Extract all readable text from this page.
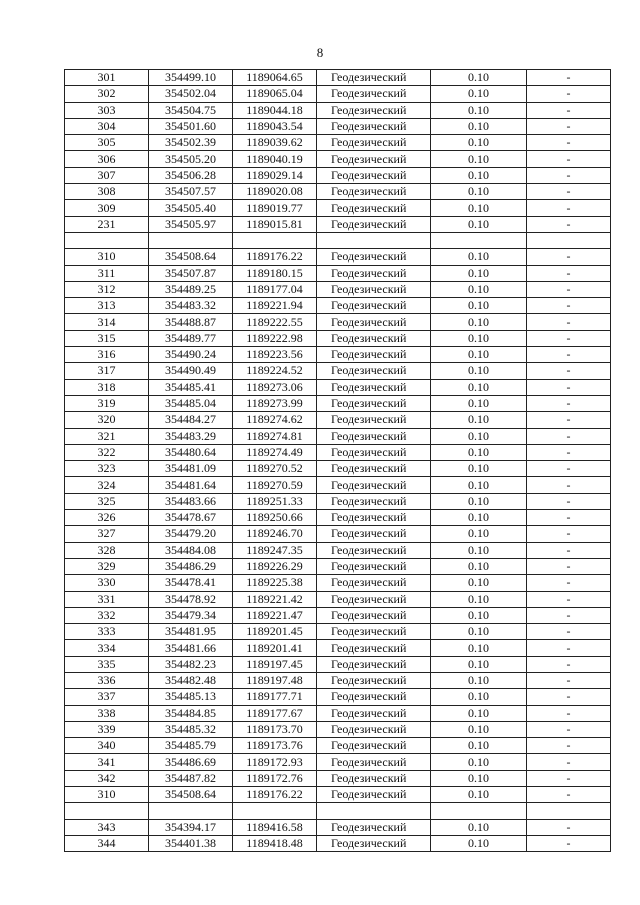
8
301	354499.10	1189064.65	Геодезический	0.10	-
302	354502.04	1189065.04	Геодезический	0.10	-
303	354504.75	1189044.18	Геодезический	0.10	-
304	354501.60	1189043.54	Геодезический	0.10	-
305	354502.39	1189039.62	Геодезический	0.10	-
306	354505.20	1189040.19	Геодезический	0.10	-
307	354506.28	1189029.14	Геодезический	0.10	-
308	354507.57	1189020.08	Геодезический	0.10	-
309	354505.40	1189019.77	Геодезический	0.10	-
231	354505.97	1189015.81	Геодезический	0.10	-

310	354508.64	1189176.22	Геодезический	0.10	-
311	354507.87	1189180.15	Геодезический	0.10	-
312	354489.25	1189177.04	Геодезический	0.10	-
313	354483.32	1189221.94	Геодезический	0.10	-
314	354488.87	1189222.55	Геодезический	0.10	-
315	354489.77	1189222.98	Геодезический	0.10	-
316	354490.24	1189223.56	Геодезический	0.10	-
317	354490.49	1189224.52	Геодезический	0.10	-
318	354485.41	1189273.06	Геодезический	0.10	-
319	354485.04	1189273.99	Геодезический	0.10	-
320	354484.27	1189274.62	Геодезический	0.10	-
321	354483.29	1189274.81	Геодезический	0.10	-
322	354480.64	1189274.49	Геодезический	0.10	-
323	354481.09	1189270.52	Геодезический	0.10	-
324	354481.64	1189270.59	Геодезический	0.10	-
325	354483.66	1189251.33	Геодезический	0.10	-
326	354478.67	1189250.66	Геодезический	0.10	-
327	354479.20	1189246.70	Геодезический	0.10	-
328	354484.08	1189247.35	Геодезический	0.10	-
329	354486.29	1189226.29	Геодезический	0.10	-
330	354478.41	1189225.38	Геодезический	0.10	-
331	354478.92	1189221.42	Геодезический	0.10	-
332	354479.34	1189221.47	Геодезический	0.10	-
333	354481.95	1189201.45	Геодезический	0.10	-
334	354481.66	1189201.41	Геодезический	0.10	-
335	354482.23	1189197.45	Геодезический	0.10	-
336	354482.48	1189197.48	Геодезический	0.10	-
337	354485.13	1189177.71	Геодезический	0.10	-
338	354484.85	1189177.67	Геодезический	0.10	-
339	354485.32	1189173.70	Геодезический	0.10	-
340	354485.79	1189173.76	Геодезический	0.10	-
341	354486.69	1189172.93	Геодезический	0.10	-
342	354487.82	1189172.76	Геодезический	0.10	-
310	354508.64	1189176.22	Геодезический	0.10	-

343	354394.17	1189416.58	Геодезический	0.10	-
344	354401.38	1189418.48	Геодезический	0.10	-
